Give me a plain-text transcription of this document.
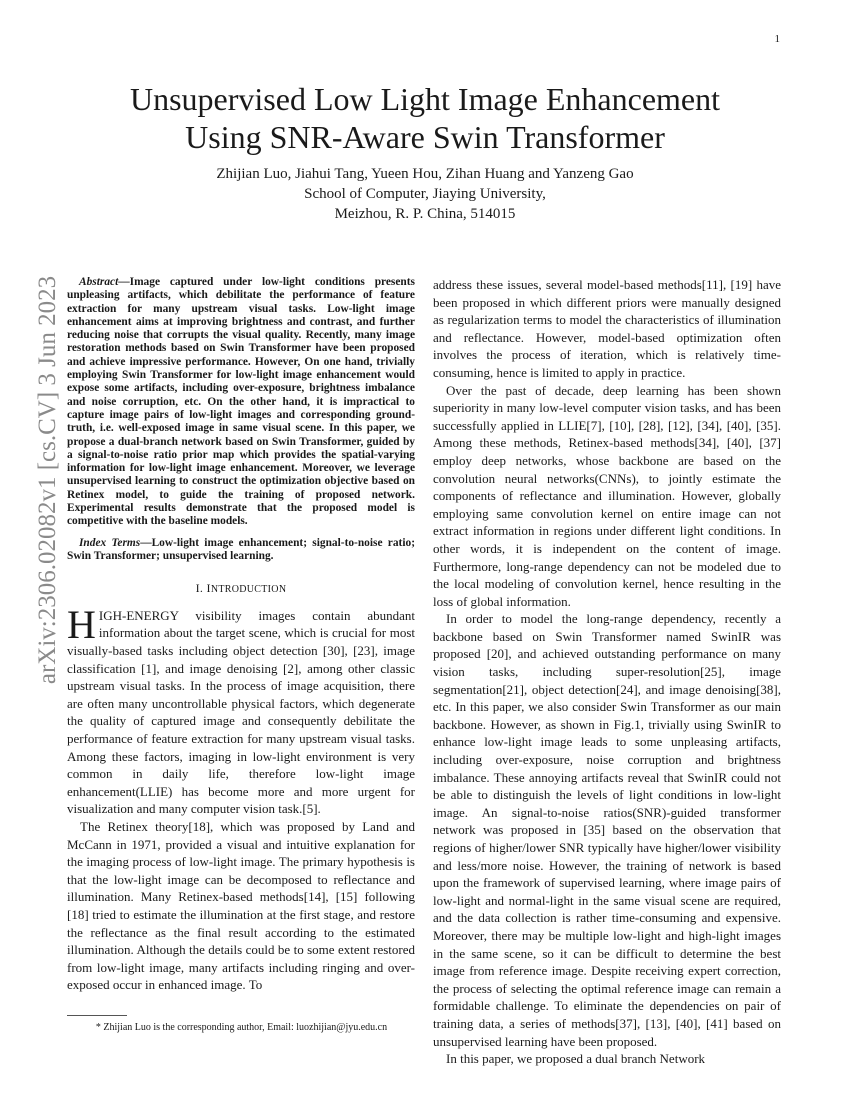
1
arXiv:2306.02082v1 [cs.CV] 3 Jun 2023
Unsupervised Low Light Image Enhancement
Using SNR-Aware Swin Transformer
Zhijian Luo, Jiahui Tang, Yueen Hou, Zihan Huang and Yanzeng Gao
School of Computer, Jiaying University,
Meizhou, R. P. China, 514015

Abstract—Image captured under low-light conditions presents unpleasing artifacts, which debilitate the performance of feature extraction for many upstream visual tasks. Low-light image enhancement aims at improving brightness and contrast, and further reducing noise that corrupts the visual quality. Recently, many image restoration methods based on Swin Transformer have been proposed and achieve impressive performance. However, On one hand, trivially employing Swin Transformer for low-light image enhancement would expose some artifacts, including over-exposure, brightness imbalance and noise corruption, etc. On the other hand, it is impractical to capture image pairs of low-light images and corresponding ground-truth, i.e. well-exposed image in same visual scene. In this paper, we propose a dual-branch network based on Swin Transformer, guided by a signal-to-noise ratio prior map which provides the spatial-varying information for low-light image enhancement. Moreover, we leverage unsupervised learning to construct the optimization objective based on Retinex model, to guide the training of proposed network. Experimental results demonstrate that the proposed model is competitive with the baseline models.

Index Terms—Low-light image enhancement; signal-to-noise ratio; Swin Transformer; unsupervised learning.

I. INTRODUCTION

HIGH-ENERGY visibility images contain abundant information about the target scene, which is crucial for most visually-based tasks including object detection [30], [23], image classification [1], and image denoising [2], among other classic upstream visual tasks. In the process of image acquisition, there are often many uncontrollable physical factors, which degenerate the quality of captured image and consequently debilitate the performance of feature extraction for many upstream visual tasks. Among these factors, imaging in low-light environment is very common in daily life, therefore low-light image enhancement(LLIE) has become more and more urgent for visualization and many computer vision task.[5].

The Retinex theory[18], which was proposed by Land and McCann in 1971, provided a visual and intuitive explanation for the imaging process of low-light image. The primary hypothesis is that the low-light image can be decomposed to reflectance and illumination. Many Retinex-based methods[14], [15] following [18] tried to estimate the illumination at the first stage, and restore the reflectance as the final result according to the estimated illumination. Although the details could be to some extent restored from low-light image, many artifacts including ringing and over-exposed occur in enhanced image. To

address these issues, several model-based methods[11], [19] have been proposed in which different priors were manually designed as regularization terms to model the characteristics of illumination and reflectance. However, model-based optimization often involves the process of iteration, which is relatively time-consuming, hence is limited to apply in practice.

Over the past of decade, deep learning has been shown superiority in many low-level computer vision tasks, and has been successfully applied in LLIE[7], [10], [28], [12], [34], [40], [35]. Among these methods, Retinex-based methods[34], [40], [37] employ deep networks, whose backbone are based on the convolution neural networks(CNNs), to jointly estimate the components of reflectance and illumination. However, globally employing same convolution kernel on entire image can not extract information in regions under different light conditions. In other words, it is independent on the content of image. Furthermore, long-range dependency can not be modeled due to the local modeling of convolution kernel, hence resulting in the loss of global information.

In order to model the long-range dependency, recently a backbone based on Swin Transformer named SwinIR was proposed [20], and achieved outstanding performance on many vision tasks, including super-resolution[25], image segmentation[21], object detection[24], and image denoising[38], etc. In this paper, we also consider Swin Transformer as our main backbone. However, as shown in Fig.1, trivially using SwinIR to enhance low-light image leads to some unpleasing artifacts, including over-exposure, noise corruption and brightness imbalance. These annoying artifacts reveal that SwinIR could not be able to distinguish the levels of light conditions in low-light image. An signal-to-noise ratios(SNR)-guided transformer network was proposed in [35] based on the observation that regions of higher/lower SNR typically have higher/lower visibility and less/more noise. However, the training of network is based upon the framework of supervised learning, where image pairs of low-light and normal-light in the same visual scene are required, and the data collection is rather time-consuming and expensive. Moreover, there may be multiple low-light and high-light images in the same scene, so it can be difficult to determine the best image from reference image. Despite receiving expert correction, the process of selecting the optimal reference image can remain a formidable challenge. To eliminate the dependencies on pair of training data, a series of methods[37], [13], [40], [41] based on unsupervised learning have been proposed.

In this paper, we proposed a dual branch Network

* Zhijian Luo is the corresponding author, Email: luozhijian@jyu.edu.cn
